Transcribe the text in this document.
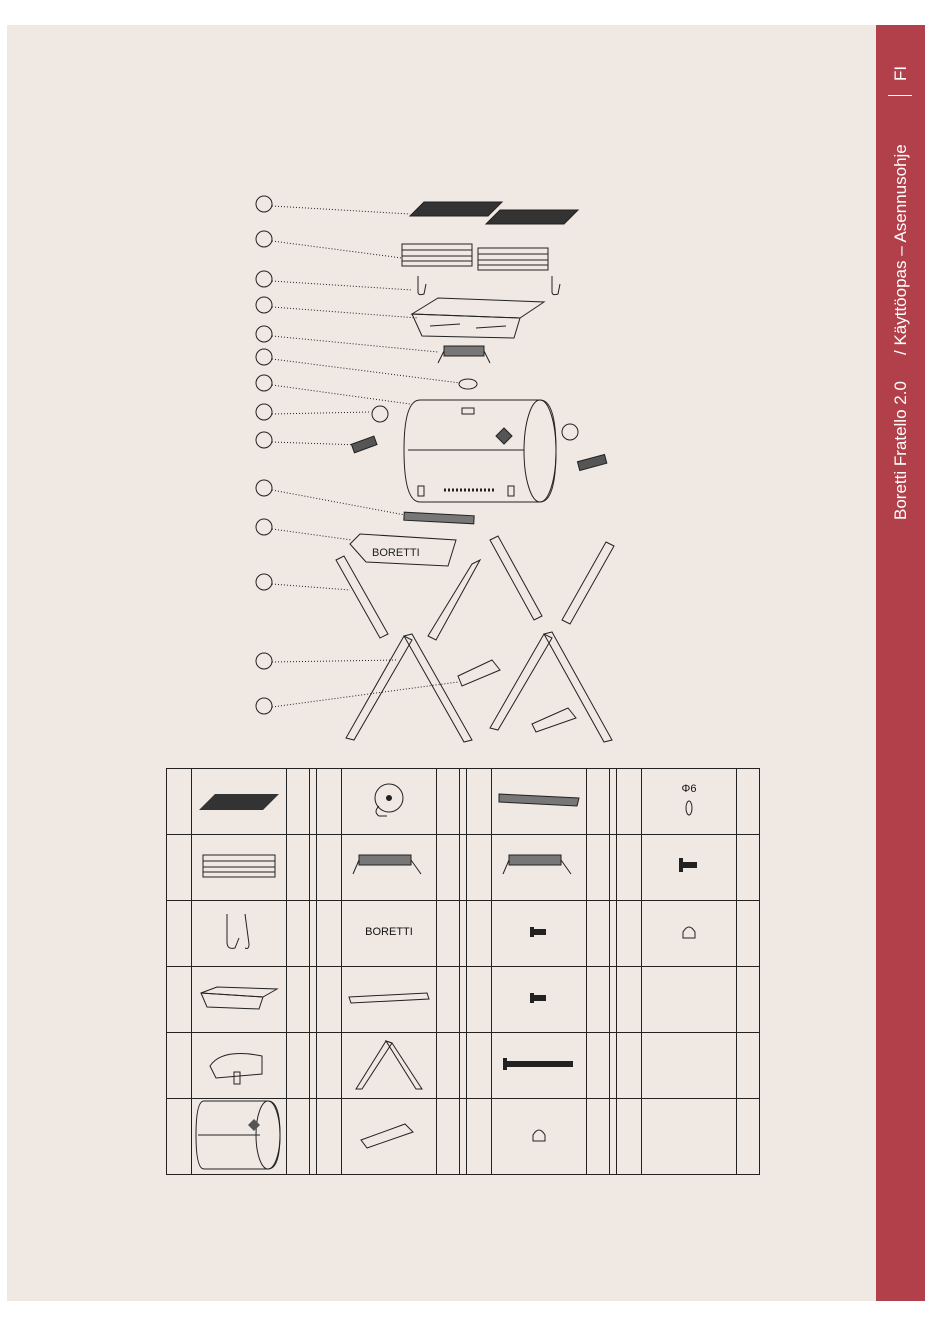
FI
/ Käyttöopas – Asennusohje
Boretti Fratello 2.0
BORETTI

Φ6	

BORETTI
